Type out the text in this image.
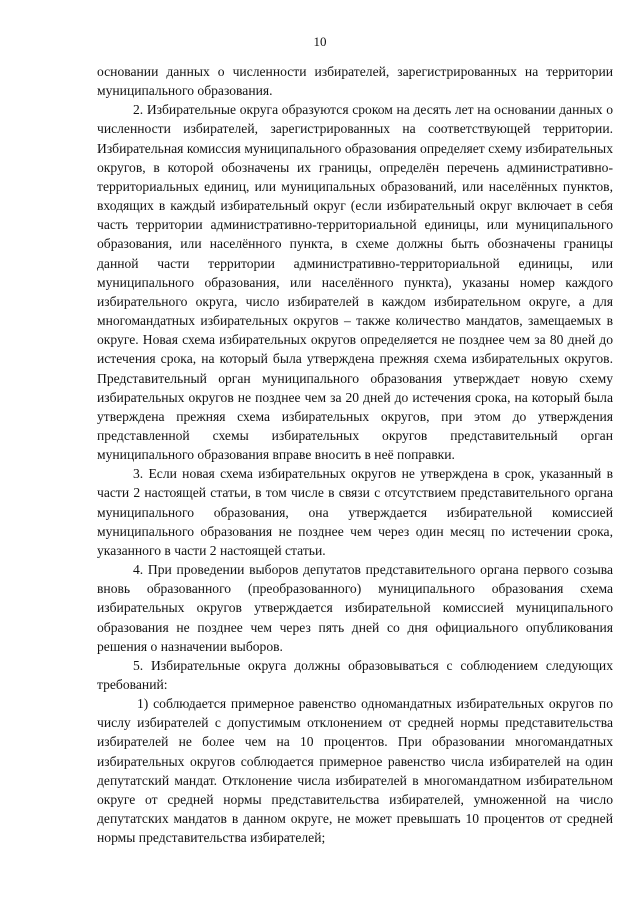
10

основании данных о численности избирателей, зарегистрированных на территории муниципального образования.

2. Избирательные округа образуются сроком на десять лет на основании данных о численности избирателей, зарегистрированных на соответствующей территории. Избирательная комиссия муниципального образования определяет схему избирательных округов, в которой обозначены их границы, определён перечень административно-территориальных единиц, или муниципальных образований, или населённых пунктов, входящих в каждый избирательный округ (если избирательный округ включает в себя часть территории административно-территориальной единицы, или муниципального образования, или населённого пункта, в схеме должны быть обозначены границы данной части территории административно-территориальной единицы, или муниципального образования, или населённого пункта), указаны номер каждого избирательного округа, число избирателей в каждом избирательном округе, а для многомандатных избирательных округов – также количество мандатов, замещаемых в округе. Новая схема избирательных округов определяется не позднее чем за 80 дней до истечения срока, на который была утверждена прежняя схема избирательных округов. Представительный орган муниципального образования утверждает новую схему избирательных округов не позднее чем за 20 дней до истечения срока, на который была утверждена прежняя схема избирательных округов, при этом до утверждения представленной схемы избирательных округов представительный орган муниципального образования вправе вносить в неё поправки.

3. Если новая схема избирательных округов не утверждена в срок, указанный в части 2 настоящей статьи, в том числе в связи с отсутствием представительного органа муниципального образования, она утверждается избирательной комиссией муниципального образования не позднее чем через один месяц по истечении срока, указанного в части 2 настоящей статьи.

4. При проведении выборов депутатов представительного органа первого созыва вновь образованного (преобразованного) муниципального образования схема избирательных округов утверждается избирательной комиссией муниципального образования не позднее чем через пять дней со дня официального опубликования решения о назначении выборов.

5. Избирательные округа должны образовываться с соблюдением следующих требований:

1) соблюдается примерное равенство одномандатных избирательных округов по числу избирателей с допустимым отклонением от средней нормы представительства избирателей не более чем на 10 процентов. При образовании многомандатных избирательных округов соблюдается примерное равенство числа избирателей на один депутатский мандат. Отклонение числа избирателей в многомандатном избирательном округе от средней нормы представительства избирателей, умноженной на число депутатских мандатов в данном округе, не может превышать 10 процентов от средней нормы представительства избирателей;
